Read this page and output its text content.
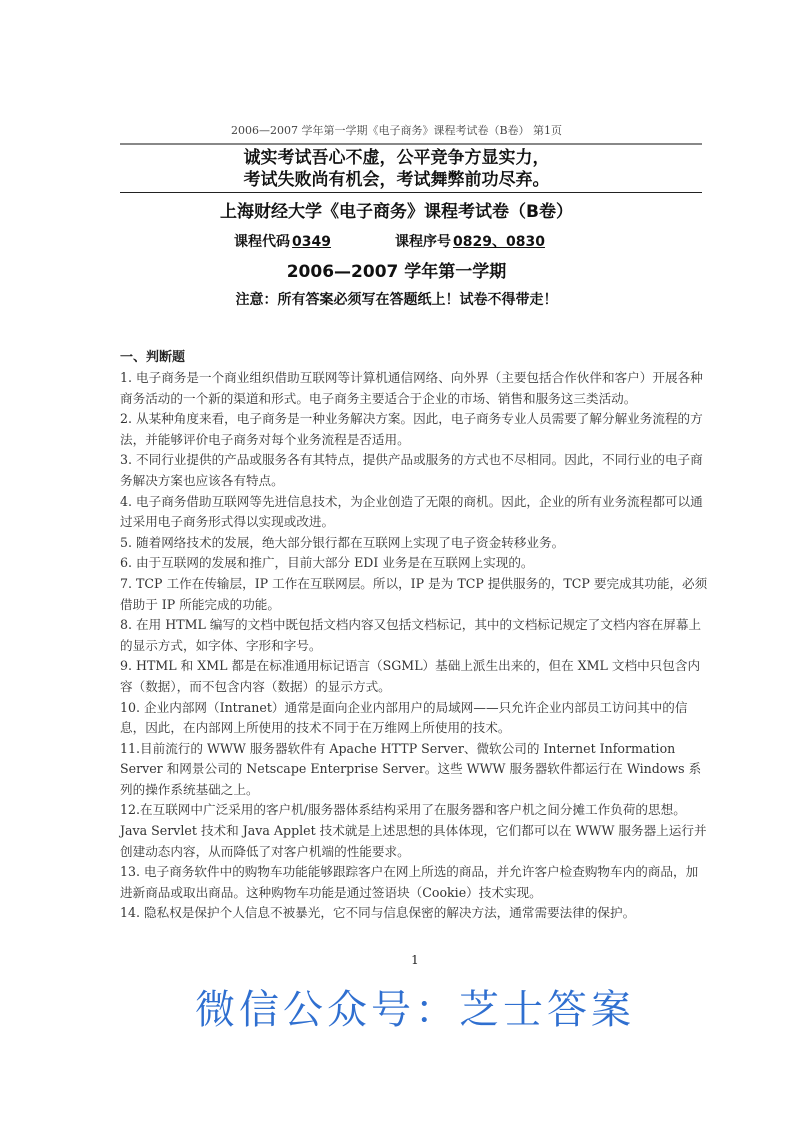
2006—2007 学年第一学期《电子商务》课程考试卷（B卷） 第1页
诚实考试吾心不虚，公平竞争方显实力，
考试失败尚有机会，考试舞弊前功尽弃。
上海财经大学《电子商务》课程考试卷（B卷）
课程代码 0349	课程序号 0829、0830
2006—2007 学年第一学期
注意：所有答案必须写在答题纸上！试卷不得带走！
一、判断题

1. 电子商务是一个商业组织借助互联网等计算机通信网络、向外界（主要包括合作伙伴和客户）开展各种商务活动的一个新的渠道和形式。电子商务主要适合于企业的市场、销售和服务这三类活动。

2. 从某种角度来看，电子商务是一种业务解决方案。因此，电子商务专业人员需要了解分解业务流程的方法，并能够评价电子商务对每个业务流程是否适用。

3. 不同行业提供的产品或服务各有其特点，提供产品或服务的方式也不尽相同。因此，不同行业的电子商务解决方案也应该各有特点。

4. 电子商务借助互联网等先进信息技术，为企业创造了无限的商机。因此，企业的所有业务流程都可以通过采用电子商务形式得以实现或改进。

5. 随着网络技术的发展，绝大部分银行都在互联网上实现了电子资金转移业务。

6. 由于互联网的发展和推广，目前大部分 EDI 业务是在互联网上实现的。

7. TCP 工作在传输层，IP 工作在互联网层。所以，IP 是为 TCP 提供服务的，TCP 要完成其功能，必须借助于 IP 所能完成的功能。

8. 在用 HTML 编写的文档中既包括文档内容又包括文档标记，其中的文档标记规定了文档内容在屏幕上的显示方式，如字体、字形和字号。

9. HTML 和 XML 都是在标准通用标记语言（SGML）基础上派生出来的，但在 XML 文档中只包含内容（数据），而不包含内容（数据）的显示方式。

10. 企业内部网（Intranet）通常是面向企业内部用户的局域网——只允许企业内部员工访问其中的信息，因此，在内部网上所使用的技术不同于在万维网上所使用的技术。

11.目前流行的 WWW 服务器软件有 Apache HTTP Server、微软公司的 Internet Information Server 和网景公司的 Netscape Enterprise Server。这些 WWW 服务器软件都运行在 Windows 系列的操作系统基础之上。

12.在互联网中广泛采用的客户机/服务器体系结构采用了在服务器和客户机之间分摊工作负荷的思想。Java Servlet 技术和 Java Applet 技术就是上述思想的具体体现，它们都可以在 WWW 服务器上运行并创建动态内容，从而降低了对客户机端的性能要求。

13. 电子商务软件中的购物车功能能够跟踪客户在网上所选的商品，并允许客户检查购物车内的商品，加进新商品或取出商品。这种购物车功能是通过签语块（Cookie）技术实现。

14. 隐私权是保护个人信息不被暴光，它不同与信息保密的解决方法，通常需要法律的保护。

1
微信公众号：芝士答案
